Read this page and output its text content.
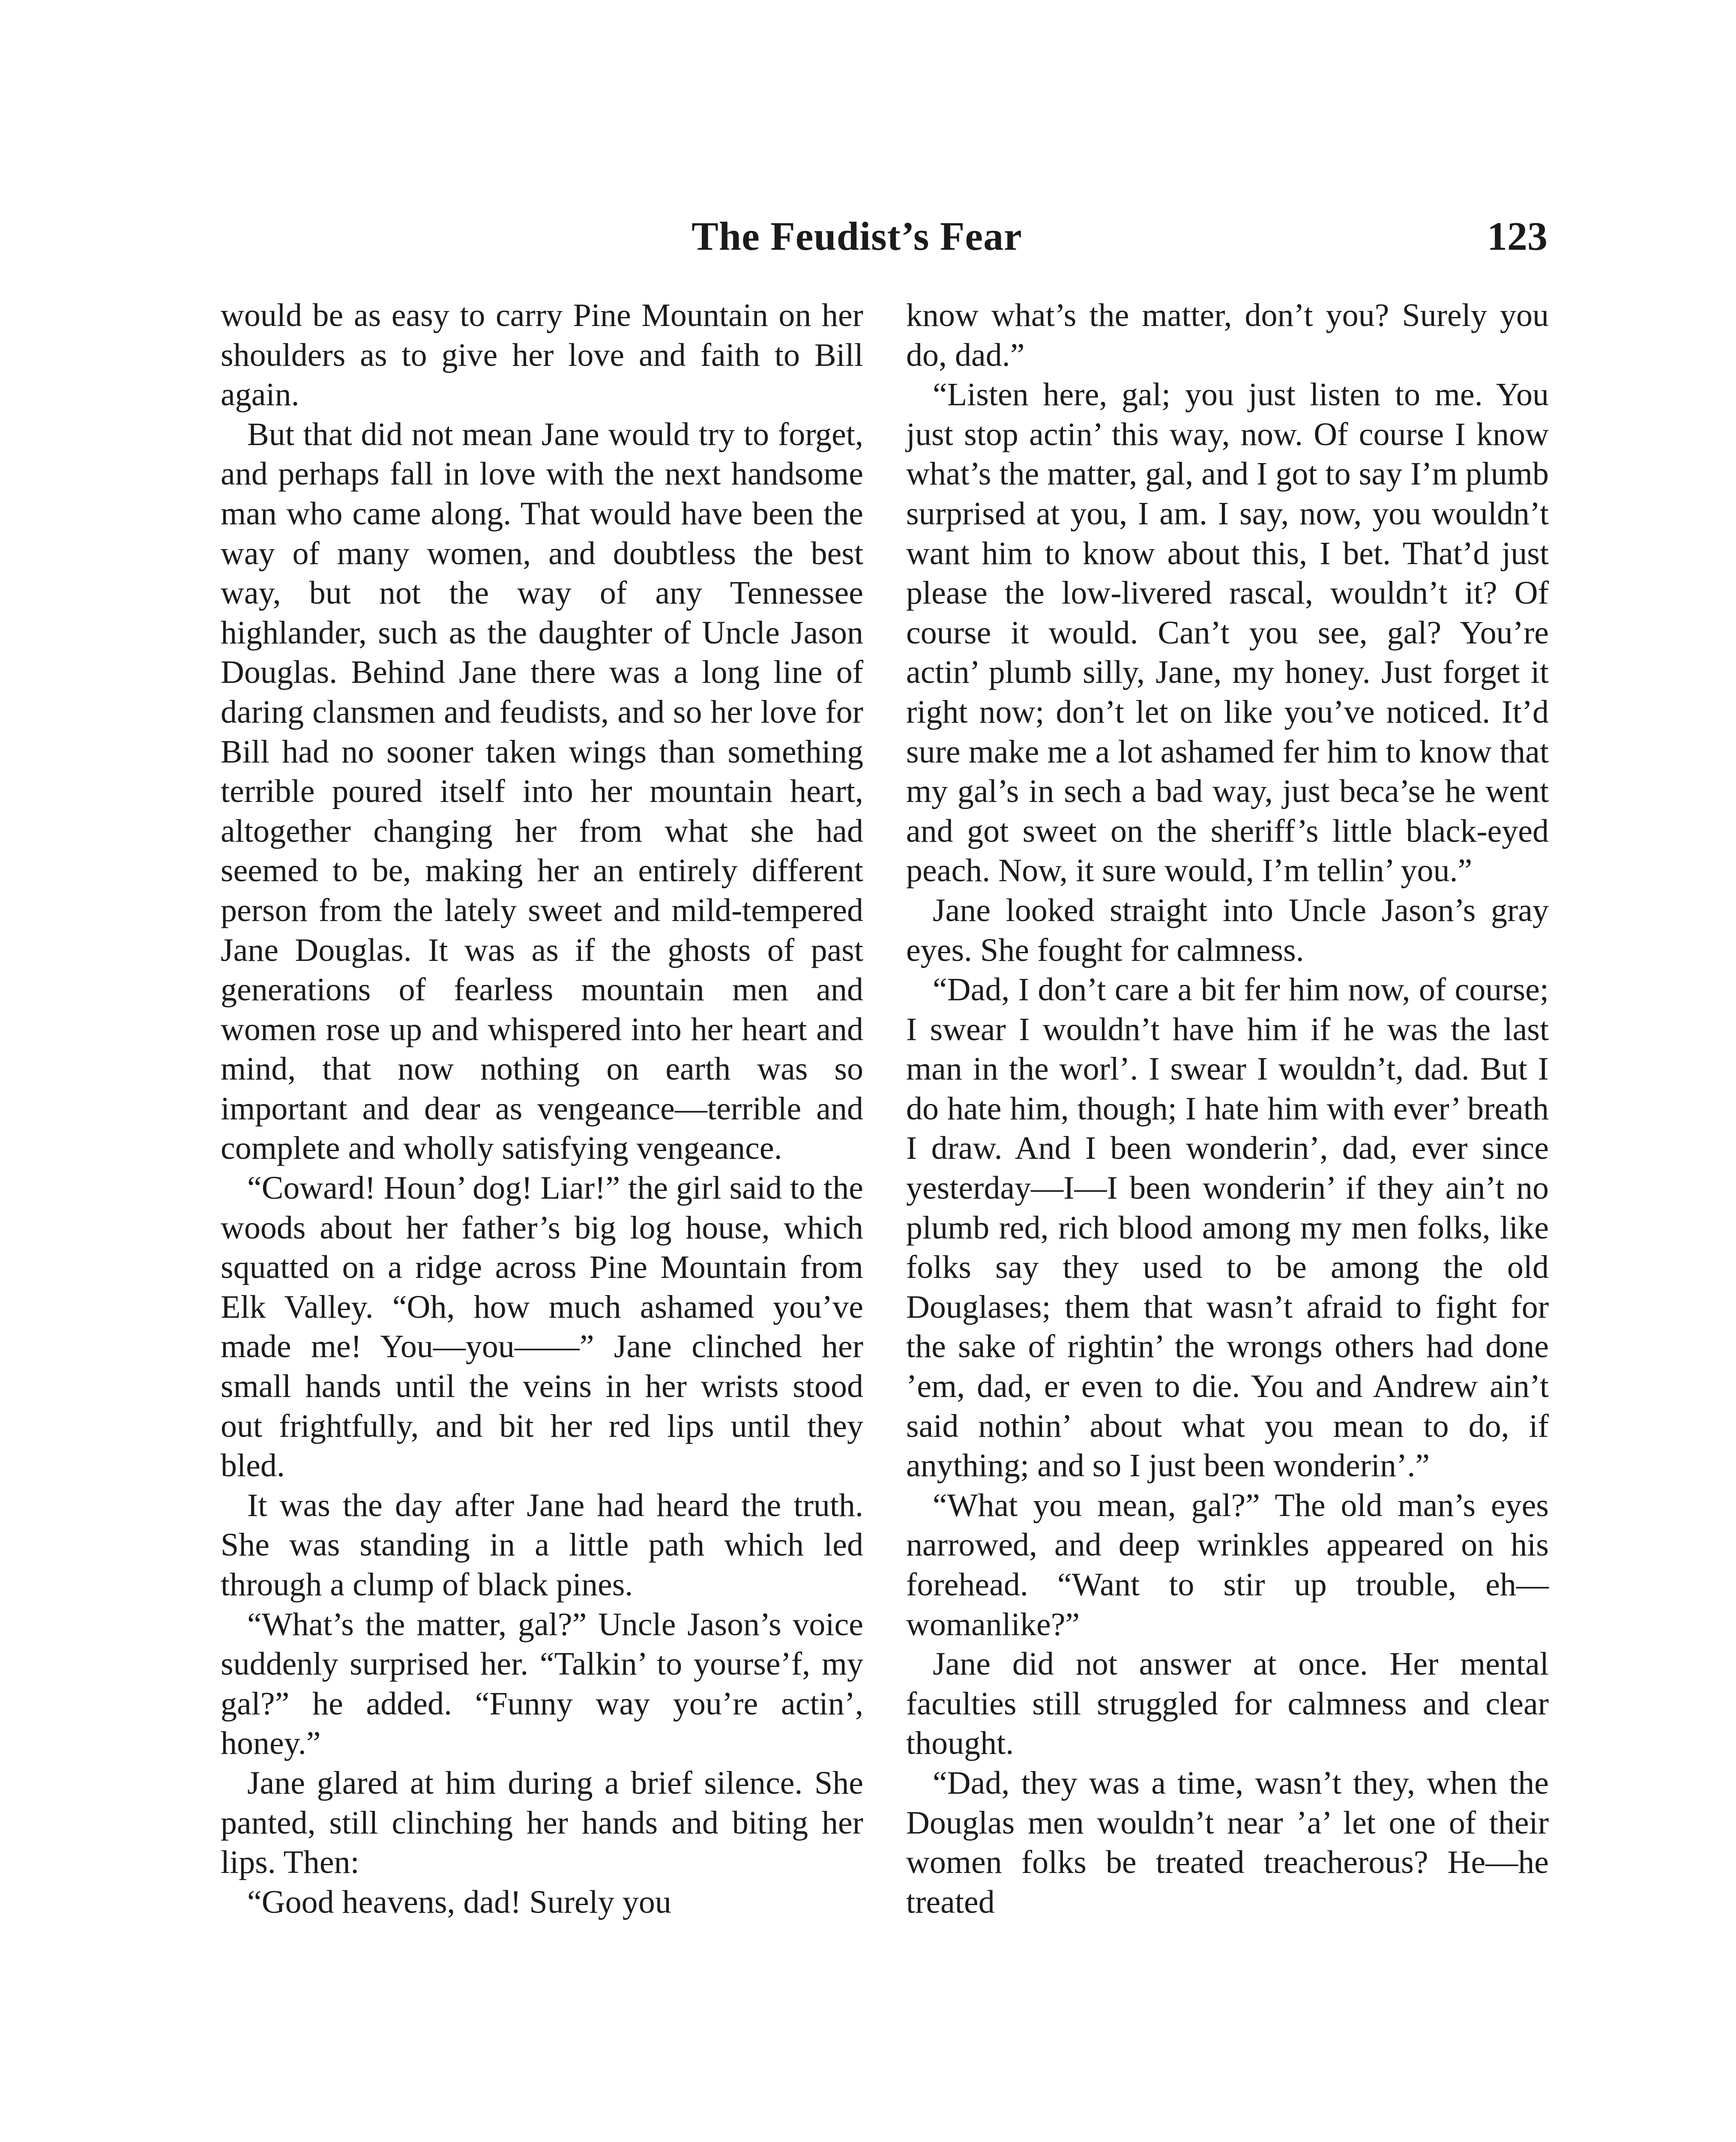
The Feudist’s Fear	123

would be as easy to carry Pine Mountain on her shoulders as to give her love and faith to Bill again.

But that did not mean Jane would try to forget, and perhaps fall in love with the next handsome man who came along. That would have been the way of many women, and doubtless the best way, but not the way of any Tennessee highlander, such as the daughter of Uncle Jason Douglas. Behind Jane there was a long line of daring clansmen and feudists, and so her love for Bill had no sooner taken wings than something terrible poured itself into her mountain heart, altogether changing her from what she had seemed to be, making her an entirely different person from the lately sweet and mild-tempered Jane Douglas. It was as if the ghosts of past generations of fearless mountain men and women rose up and whispered into her heart and mind, that now nothing on earth was so important and dear as vengeance—terrible and complete and wholly satisfying vengeance.

“Coward! Houn’ dog! Liar!” the girl said to the woods about her father’s big log house, which squatted on a ridge across Pine Mountain from Elk Valley. “Oh, how much ashamed you’ve made me! You—you——” Jane clinched her small hands until the veins in her wrists stood out frightfully, and bit her red lips until they bled.

It was the day after Jane had heard the truth. She was standing in a little path which led through a clump of black pines.

“What’s the matter, gal?” Uncle Jason’s voice suddenly surprised her. “Talkin’ to yourse’f, my gal?” he added. “Funny way you’re actin’, honey.”

Jane glared at him during a brief silence. She panted, still clinching her hands and biting her lips. Then:

“Good heavens, dad! Surely you

know what’s the matter, don’t you? Surely you do, dad.”

“Listen here, gal; you just listen to me. You just stop actin’ this way, now. Of course I know what’s the matter, gal, and I got to say I’m plumb surprised at you, I am. I say, now, you wouldn’t want him to know about this, I bet. That’d just please the low-livered rascal, wouldn’t it? Of course it would. Can’t you see, gal? You’re actin’ plumb silly, Jane, my honey. Just forget it right now; don’t let on like you’ve noticed. It’d sure make me a lot ashamed fer him to know that my gal’s in sech a bad way, just beca’se he went and got sweet on the sheriff’s little black-eyed peach. Now, it sure would, I’m tellin’ you.”

Jane looked straight into Uncle Jason’s gray eyes. She fought for calmness.

“Dad, I don’t care a bit fer him now, of course; I swear I wouldn’t have him if he was the last man in the worl’. I swear I wouldn’t, dad. But I do hate him, though; I hate him with ever’ breath I draw. And I been wonderin’, dad, ever since yesterday—I—I been wonderin’ if they ain’t no plumb red, rich blood among my men folks, like folks say they used to be among the old Douglases; them that wasn’t afraid to fight for the sake of rightin’ the wrongs others had done ’em, dad, er even to die. You and Andrew ain’t said nothin’ about what you mean to do, if anything; and so I just been wonderin’.”

“What you mean, gal?” The old man’s eyes narrowed, and deep wrinkles appeared on his forehead. “Want to stir up trouble, eh—womanlike?”

Jane did not answer at once. Her mental faculties still struggled for calmness and clear thought.

“Dad, they was a time, wasn’t they, when the Douglas men wouldn’t near ’a’ let one of their women folks be treated treacherous? He—he treated
